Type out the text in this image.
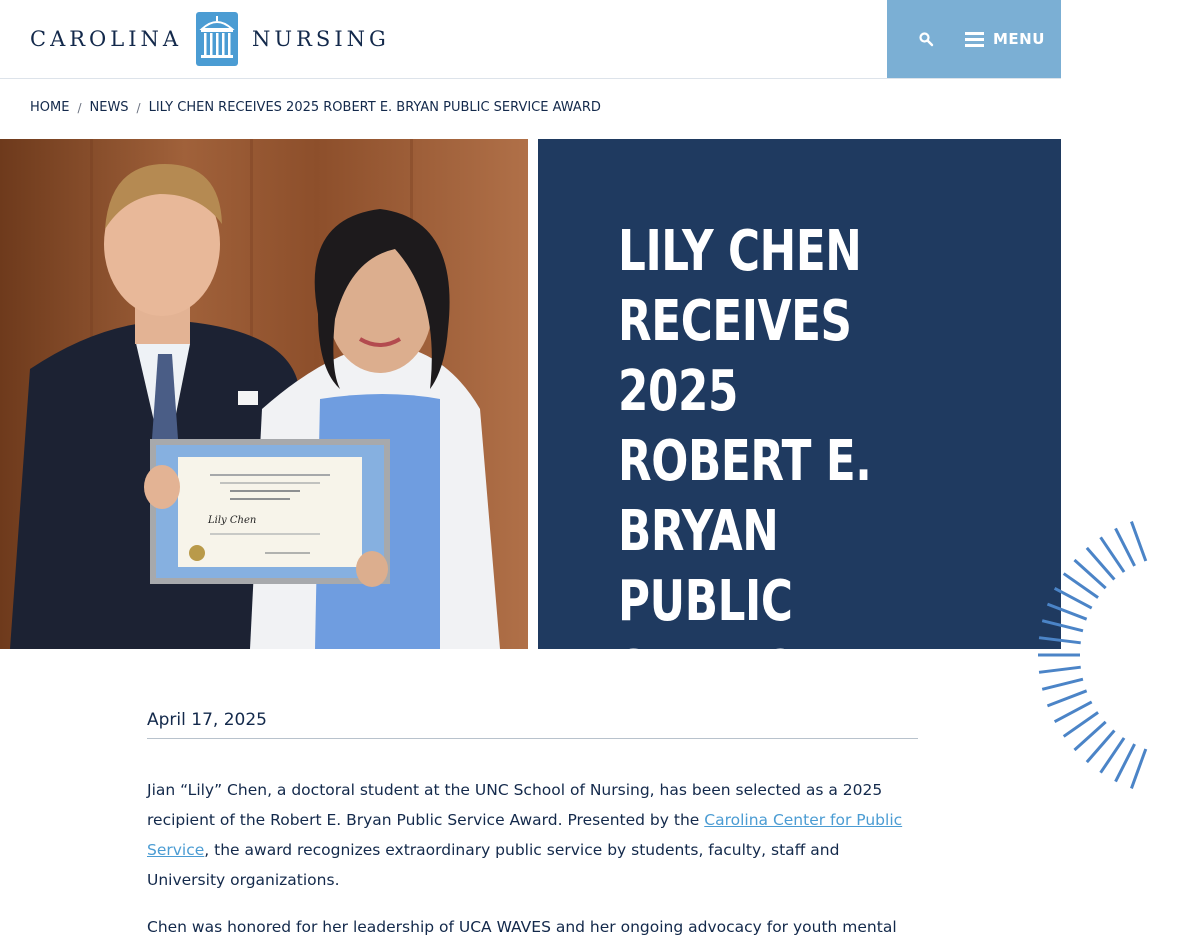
CAROLINA	NURSING	MENU
HOME / NEWS / LILY CHEN RECEIVES 2025 ROBERT E. BRYAN PUBLIC SERVICE AWARD
Lily Chen
LILY CHEN
RECEIVES 2025
ROBERT E.
BRYAN PUBLIC
SERVICE AWARD
April 17, 2025

Jian “Lily” Chen, a doctoral student at the UNC School of Nursing, has been selected as a 2025 recipient of the Robert E. Bryan Public Service Award. Presented by the Carolina Center for Public Service, the award recognizes extraordinary public service by students, faculty, staff and University organizations.

Chen was honored for her leadership of UCA WAVES and her ongoing advocacy for youth mental
